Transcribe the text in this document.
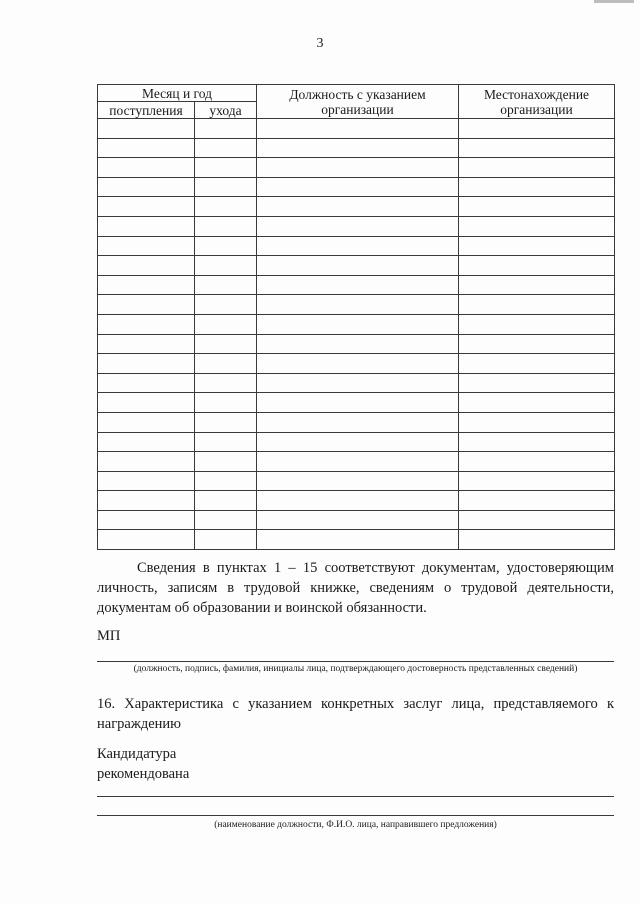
3
Месяц и год		Должность с указанием организации	Местонахождение организации
поступления	ухода		

Сведения в пунктах 1 – 15 соответствуют документам, удостоверяющим личность, записям в трудовой книжке, сведениям о трудовой деятельности, документам об образовании и воинской обязанности.
МП
(должность, подпись, фамилия, инициалы лица, подтверждающего достоверность представленных сведений)
16. Характеристика с указанием конкретных заслуг лица, представляемого к награждению
Кандидатура
рекомендована
(наименование должности, Ф.И.О. лица, направившего предложения)
